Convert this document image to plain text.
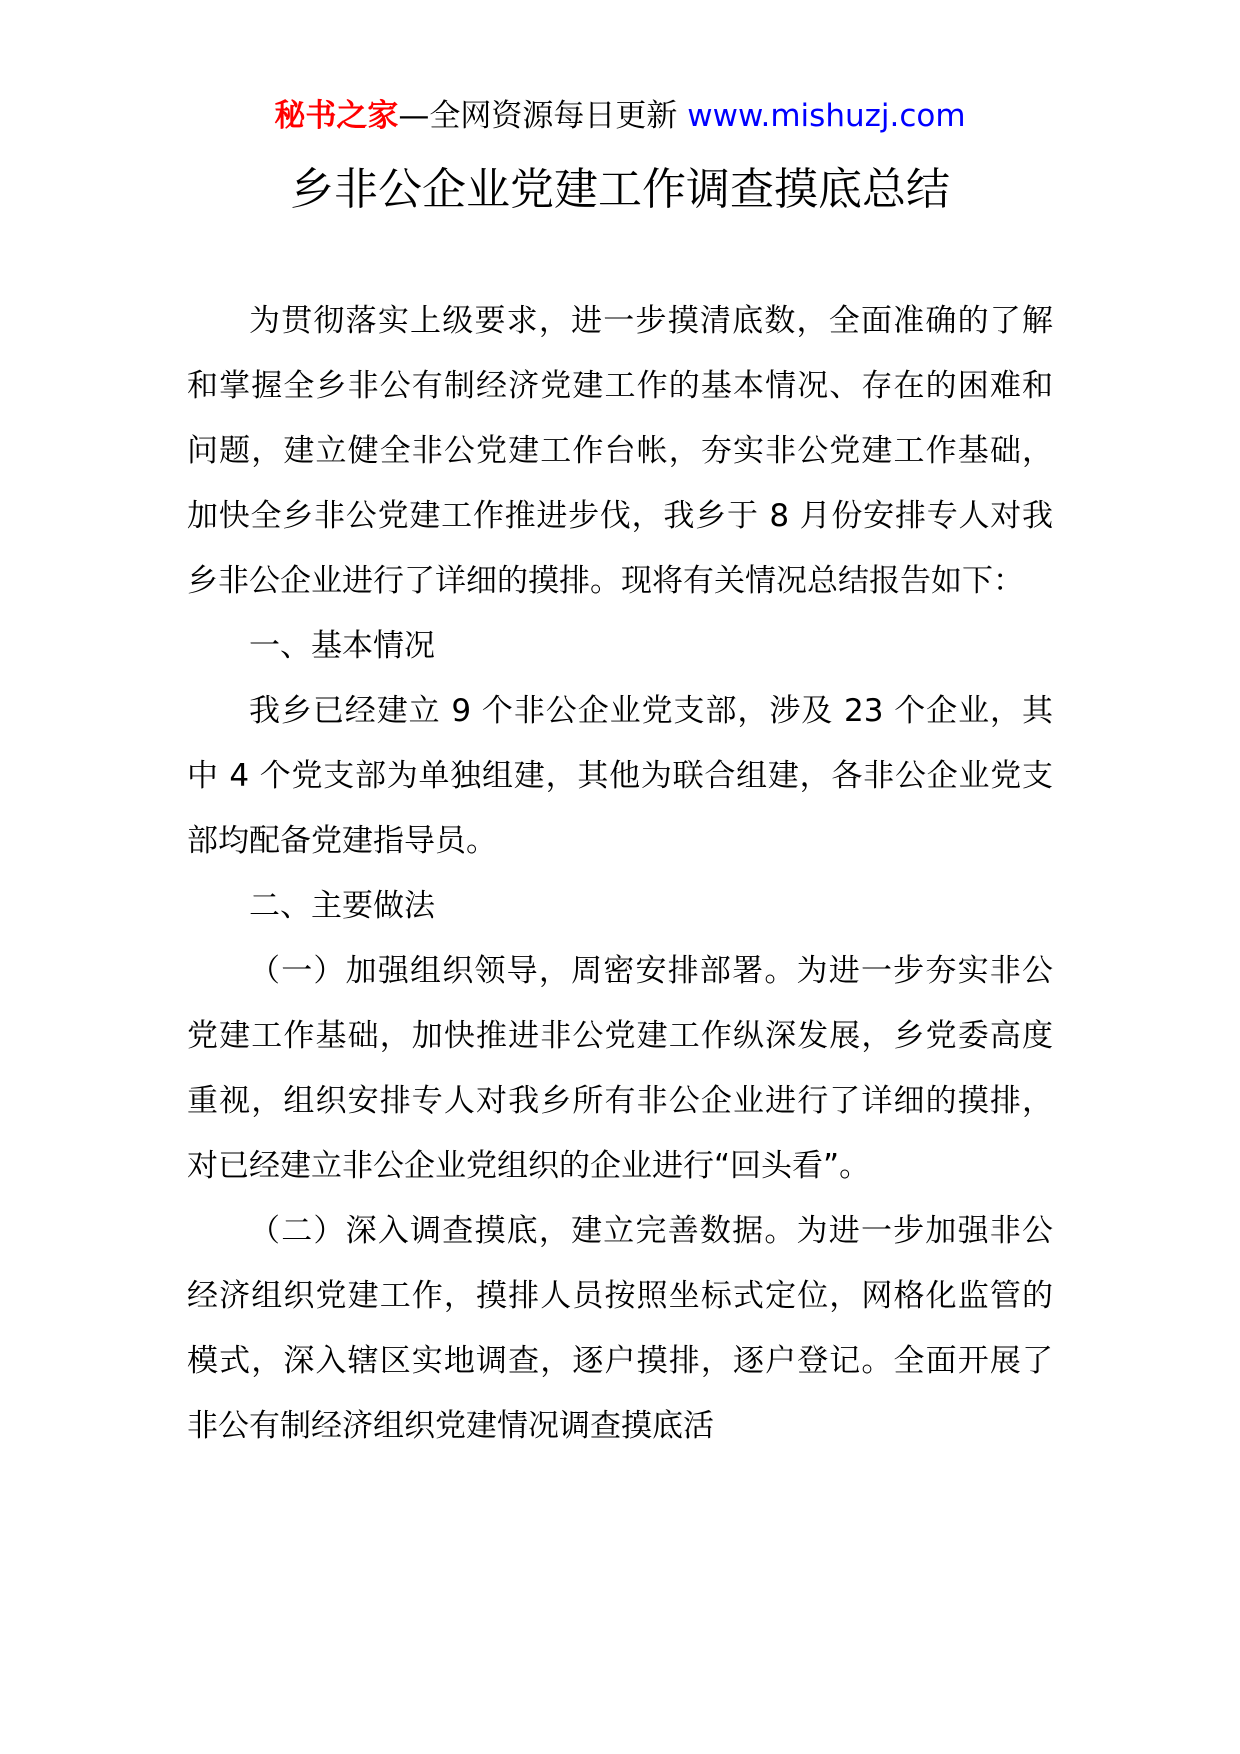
秘书之家—全网资源每日更新 www.mishuzj.com
乡非公企业党建工作调查摸底总结

为贯彻落实上级要求，进一步摸清底数，全面准确的了解和掌握全乡非公有制经济党建工作的基本情况、存在的困难和问题，建立健全非公党建工作台帐，夯实非公党建工作基础，加快全乡非公党建工作推进步伐，我乡于 8 月份安排专人对我乡非公企业进行了详细的摸排。现将有关情况总结报告如下：

一、基本情况

我乡已经建立 9 个非公企业党支部，涉及 23 个企业，其中 4 个党支部为单独组建，其他为联合组建，各非公企业党支部均配备党建指导员。

二、主要做法

（一）加强组织领导，周密安排部署。为进一步夯实非公党建工作基础，加快推进非公党建工作纵深发展，乡党委高度重视，组织安排专人对我乡所有非公企业进行了详细的摸排，对已经建立非公企业党组织的企业进行“回头看”。

（二）深入调查摸底，建立完善数据。为进一步加强非公经济组织党建工作，摸排人员按照坐标式定位，网格化监管的模式，深入辖区实地调查，逐户摸排，逐户登记。全面开展了非公有制经济组织党建情况调查摸底活
